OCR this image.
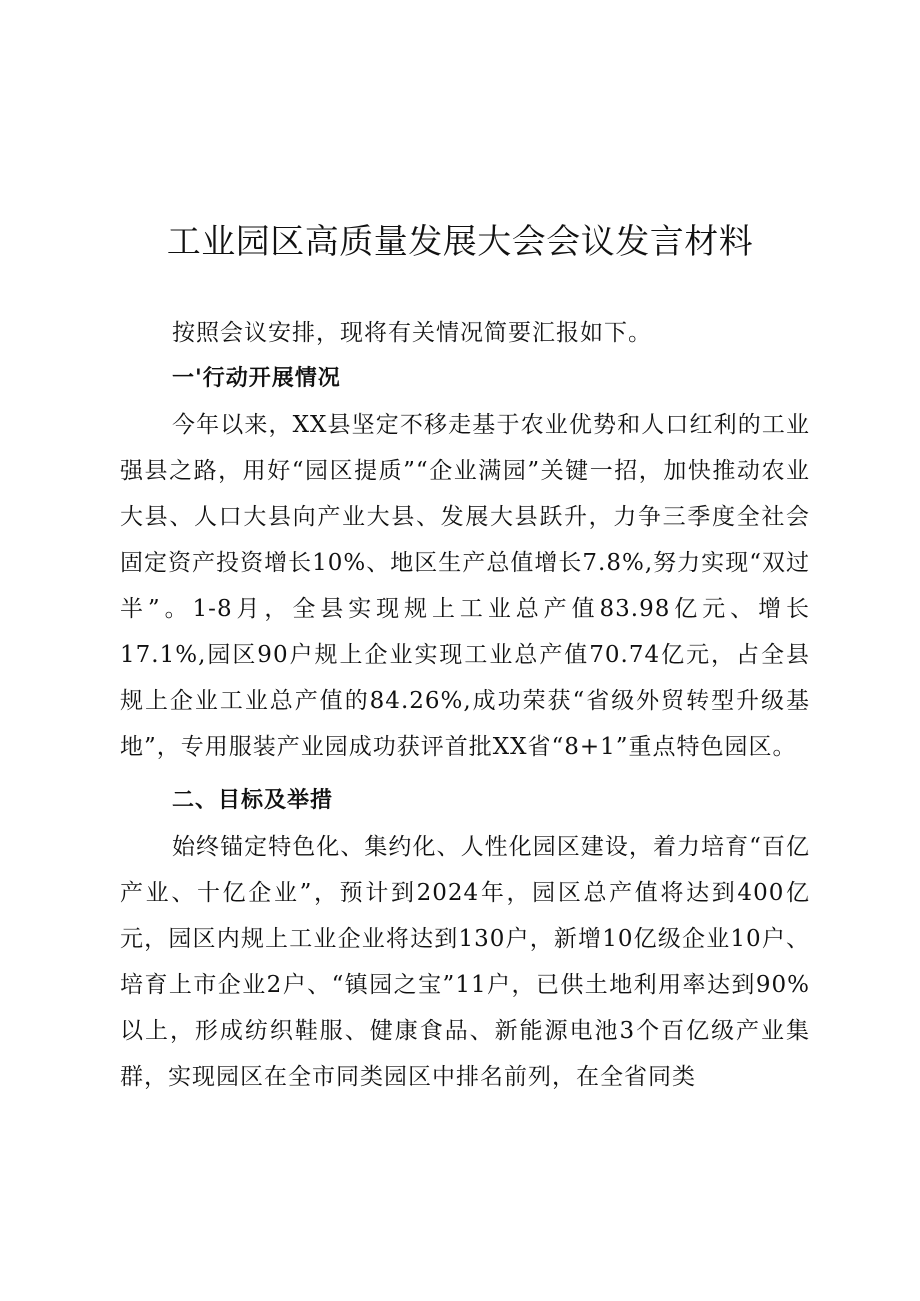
工业园区高质量发展大会会议发言材料

按照会议安排，现将有关情况简要汇报如下。

一'行动开展情况

今年以来，XX县坚定不移走基于农业优势和人口红利的工业强县之路，用好“园区提质”“企业满园”关键一招，加快推动农业大县、人口大县向产业大县、发展大县跃升，力争三季度全社会固定资产投资增长10%、地区生产总值增长7.8%,努力实现“双过半”。1-8月，全县实现规上工业总产值83.98亿元、增长17.1%,园区90户规上企业实现工业总产值70.74亿元，占全县规上企业工业总产值的84.26%,成功荣获“省级外贸转型升级基地”，专用服装产业园成功获评首批XX省“8+1”重点特色园区。

二、目标及举措

始终锚定特色化、集约化、人性化园区建设，着力培育“百亿产业、十亿企业”，预计到2024年，园区总产值将达到400亿元，园区内规上工业企业将达到130户，新增10亿级企业10户、培育上市企业2户、“镇园之宝”11户，已供土地利用率达到90%以上，形成纺织鞋服、健康食品、新能源电池3个百亿级产业集群，实现园区在全市同类园区中排名前列，在全省同类
